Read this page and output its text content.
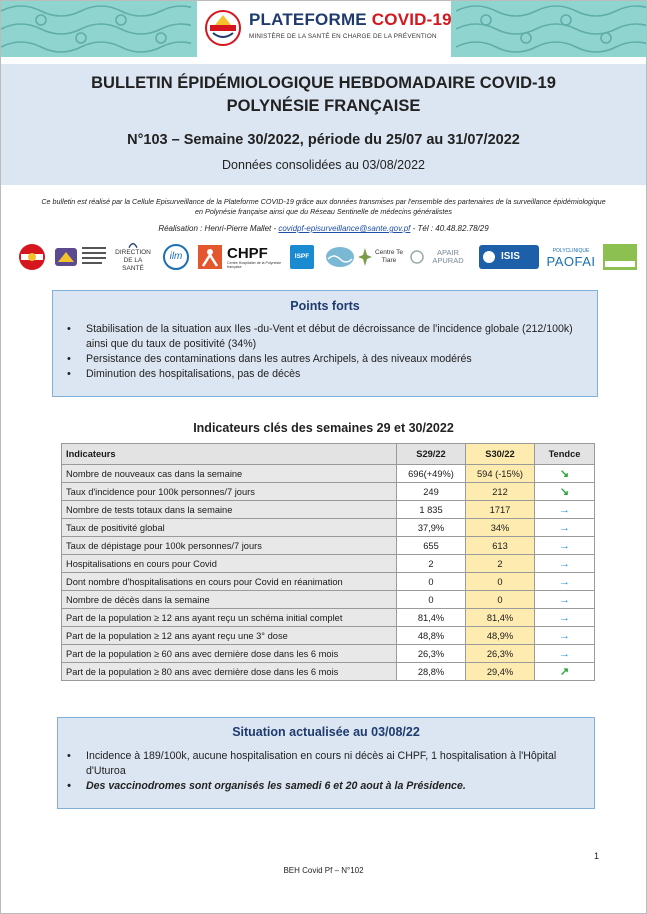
PLATEFORME COVID-19
MINISTÈRE DE LA SANTÉ EN CHARGE DE LA PRÉVENTION
BULLETIN ÉPIDÉMIOLOGIQUE HEBDOMADAIRE COVID-19
POLYNÉSIE FRANÇAISE
N°103 – Semaine 30/2022, période du 25/07 au 31/07/2022
Données consolidées au 03/08/2022
Ce bulletin est réalisé par la Cellule Episurveillance de la Plateforme COVID-19 grâce aux données transmises par l'ensemble des partenaires de la surveillance épidémiologique en Polynésie française ainsi que du Réseau Sentinelle de médecins généralistes
Réalisation : Henri-Pierre Mallet - covidpf-episurveillance@sante.gov.pf - Tél : 40.48.82.78/29
DIRECTION DE LA SANTÉ
ilm	CHPF
Centre Hospitalier de la Polynésie française
ISPF
Centre Te Tiare
APAIR APURAD	ISIS
POLYCLINIQUE
PAOFAI
Points forts
• Stabilisation de la situation aux Iles -du-Vent et début de décroissance de l'incidence globale (212/100k) ainsi que du taux de positivité (34%)
• Persistance des contaminations dans les autres Archipels, à des niveaux modérés
• Diminution des hospitalisations, pas de décès
Indicateurs clés des semaines 29 et 30/2022
Indicateurs	S29/22	S30/22	Tendce
Nombre de nouveaux cas dans la semaine	696(+49%)	594 (-15%)	↘
Taux d'incidence pour 100k personnes/7 jours	249	212	↘
Nombre de tests totaux dans la semaine	1 835	1717	→
Taux de positivité global	37,9%	34%	→
Taux de dépistage pour 100k personnes/7 jours	655	613	→
Hospitalisations en cours pour Covid	2	2	→
Dont nombre d'hospitalisations en cours pour Covid en réanimation	0	0	→
Nombre de décès dans la semaine	0	0	→
Part de la population ≥ 12 ans ayant reçu un schéma initial complet	81,4%	81,4%	→
Part de la population ≥ 12 ans ayant reçu une 3° dose	48,8%	48,9%	→
Part de la population ≥ 60 ans avec dernière dose dans les 6 mois	26,3%	26,3%	→
Part de la population ≥ 80 ans avec dernière dose dans les 6 mois	28,8%	29,4%	↗
Situation actualisée au 03/08/22
• Incidence à 189/100k, aucune hospitalisation en cours ni décès ai CHPF, 1 hospitalisation à l'Hôpital d'Uturoa
• Des vaccinodromes sont organisés les samedi 6 et 20 aout à la Présidence.
1
BEH Covid Pf – N°102
